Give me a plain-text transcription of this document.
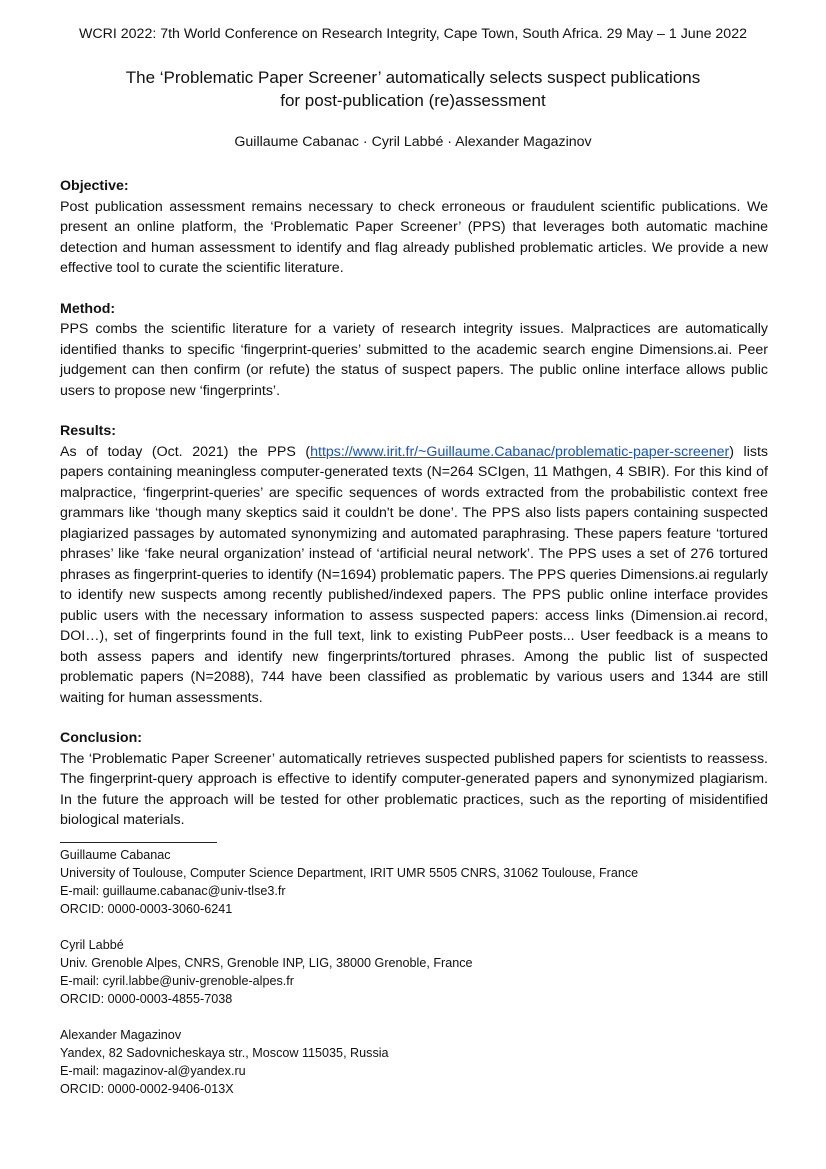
WCRI 2022: 7th World Conference on Research Integrity, Cape Town, South Africa. 29 May – 1 June 2022
The ‘Problematic Paper Screener’ automatically selects suspect publications
for post-publication (re)assessment
Guillaume Cabanac · Cyril Labbé · Alexander Magazinov
Objective:

Post publication assessment remains necessary to check erroneous or fraudulent scientific publications. We present an online platform, the ‘Problematic Paper Screener’ (PPS) that leverages both automatic machine detection and human assessment to identify and flag already published problematic articles. We provide a new effective tool to curate the scientific literature.

Method:

PPS combs the scientific literature for a variety of research integrity issues. Malpractices are automatically identified thanks to specific ‘fingerprint-queries’ submitted to the academic search engine Dimensions.ai. Peer judgement can then confirm (or refute) the status of suspect papers. The public online interface allows public users to propose new ‘fingerprints’.

Results:

As of today (Oct. 2021) the PPS (https://www.irit.fr/~Guillaume.Cabanac/problematic-paper-screener) lists papers containing meaningless computer-generated texts (N=264 SCIgen, 11 Mathgen, 4 SBIR). For this kind of malpractice, ‘fingerprint-queries’ are specific sequences of words extracted from the probabilistic context free grammars like ‘though many skeptics said it couldn't be done’. The PPS also lists papers containing suspected plagiarized passages by automated synonymizing and automated paraphrasing. These papers feature ‘tortured phrases’ like ‘fake neural organization’ instead of ‘artificial neural network’. The PPS uses a set of 276 tortured phrases as fingerprint-queries to identify (N=1694) problematic papers. The PPS queries Dimensions.ai regularly to identify new suspects among recently published/indexed papers. The PPS public online interface provides public users with the necessary information to assess suspected papers: access links (Dimension.ai record, DOI…), set of fingerprints found in the full text, link to existing PubPeer posts... User feedback is a means to both assess papers and identify new fingerprints/tortured phrases. Among the public list of suspected problematic papers (N=2088), 744 have been classified as problematic by various users and 1344 are still waiting for human assessments.

Conclusion:

The ‘Problematic Paper Screener’ automatically retrieves suspected published papers for scientists to reassess. The fingerprint-query approach is effective to identify computer-generated papers and synonymized plagiarism. In the future the approach will be tested for other problematic practices, such as the reporting of misidentified biological materials.

Guillaume Cabanac
University of Toulouse, Computer Science Department, IRIT UMR 5505 CNRS, 31062 Toulouse, France
E-mail: guillaume.cabanac@univ-tlse3.fr
ORCID: 0000-0003-3060-6241
Cyril Labbé
Univ. Grenoble Alpes, CNRS, Grenoble INP, LIG, 38000 Grenoble, France
E-mail: cyril.labbe@univ-grenoble-alpes.fr
ORCID: 0000-0003-4855-7038
Alexander Magazinov
Yandex, 82 Sadovnicheskaya str., Moscow 115035, Russia
E-mail: magazinov-al@yandex.ru
ORCID: 0000-0002-9406-013X
